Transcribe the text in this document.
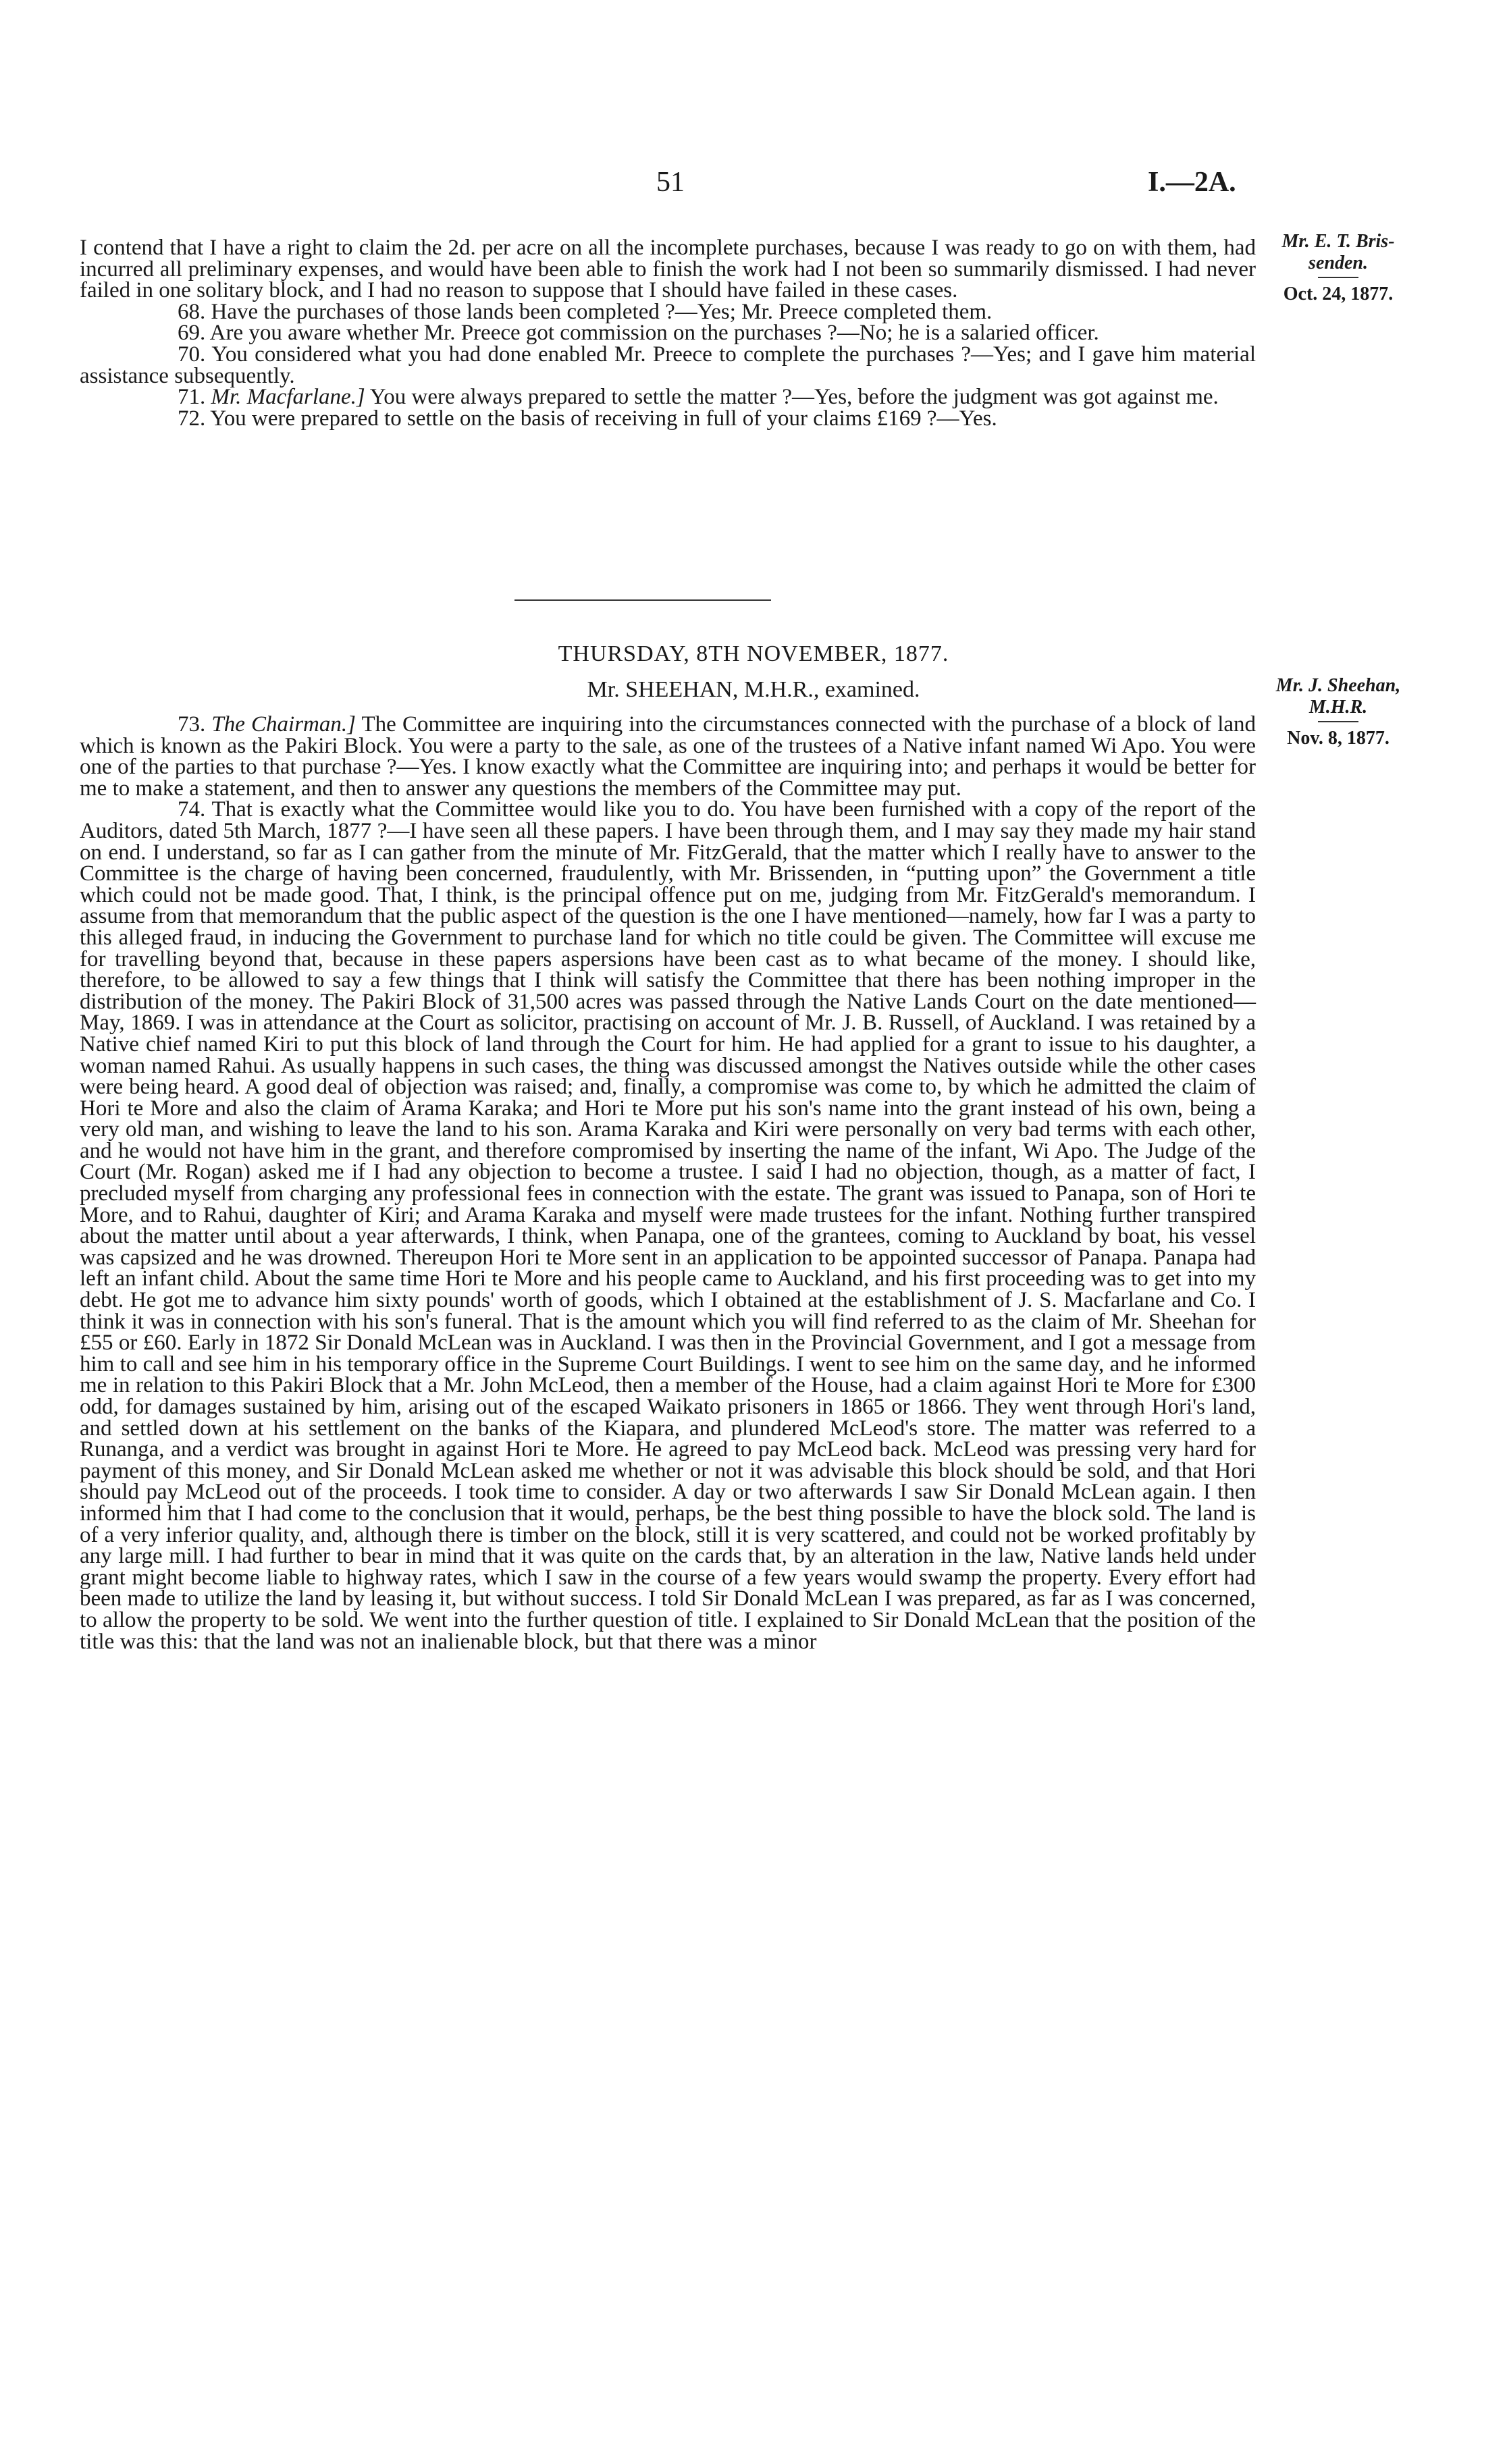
51	I.—2A.
Mr. E. T. Bris- senden.
Oct. 24, 1877.

I contend that I have a right to claim the 2d. per acre on all the incomplete purchases, because I was ready to go on with them, had incurred all preliminary expenses, and would have been able to finish the work had I not been so summarily dismissed. I had never failed in one solitary block, and I had no reason to suppose that I should have failed in these cases.

68. Have the purchases of those lands been completed ?—Yes; Mr. Preece completed them.

69. Are you aware whether Mr. Preece got commission on the purchases ?—No; he is a salaried officer.

70. You considered what you had done enabled Mr. Preece to complete the purchases ?—Yes; and I gave him material assistance subsequently.

71. Mr. Macfarlane.] You were always prepared to settle the matter ?—Yes, before the judgment was got against me.

72. You were prepared to settle on the basis of receiving in full of your claims £169 ?—Yes.

THURSDAY, 8TH NOVEMBER, 1877.
Mr. SHEEHAN, M.H.R., examined.	Mr. J. Sheehan, M.H.R.
Nov. 8, 1877.

73. The Chairman.] The Committee are inquiring into the circumstances connected with the purchase of a block of land which is known as the Pakiri Block. You were a party to the sale, as one of the trustees of a Native infant named Wi Apo. You were one of the parties to that purchase ?—Yes. I know exactly what the Committee are inquiring into; and perhaps it would be better for me to make a statement, and then to answer any questions the members of the Committee may put.

74. That is exactly what the Committee would like you to do. You have been furnished with a copy of the report of the Auditors, dated 5th March, 1877 ?—I have seen all these papers. I have been through them, and I may say they made my hair stand on end. I understand, so far as I can gather from the minute of Mr. FitzGerald, that the matter which I really have to answer to the Committee is the charge of having been concerned, fraudulently, with Mr. Brissenden, in “putting upon” the Government a title which could not be made good. That, I think, is the principal offence put on me, judging from Mr. FitzGerald's memorandum. I assume from that memorandum that the public aspect of the question is the one I have mentioned—namely, how far I was a party to this alleged fraud, in inducing the Government to purchase land for which no title could be given. The Committee will excuse me for travelling beyond that, because in these papers aspersions have been cast as to what became of the money. I should like, therefore, to be allowed to say a few things that I think will satisfy the Committee that there has been nothing improper in the distribution of the money. The Pakiri Block of 31,500 acres was passed through the Native Lands Court on the date mentioned—May, 1869. I was in attendance at the Court as solicitor, practising on account of Mr. J. B. Russell, of Auckland. I was retained by a Native chief named Kiri to put this block of land through the Court for him. He had applied for a grant to issue to his daughter, a woman named Rahui. As usually happens in such cases, the thing was discussed amongst the Natives outside while the other cases were being heard. A good deal of objection was raised; and, finally, a compromise was come to, by which he admitted the claim of Hori te More and also the claim of Arama Karaka; and Hori te More put his son's name into the grant instead of his own, being a very old man, and wishing to leave the land to his son. Arama Karaka and Kiri were personally on very bad terms with each other, and he would not have him in the grant, and therefore compromised by inserting the name of the infant, Wi Apo. The Judge of the Court (Mr. Rogan) asked me if I had any objection to become a trustee. I said I had no objection, though, as a matter of fact, I precluded myself from charging any professional fees in connection with the estate. The grant was issued to Panapa, son of Hori te More, and to Rahui, daughter of Kiri; and Arama Karaka and myself were made trustees for the infant. Nothing further transpired about the matter until about a year afterwards, I think, when Panapa, one of the grantees, coming to Auckland by boat, his vessel was capsized and he was drowned. Thereupon Hori te More sent in an application to be appointed successor of Panapa. Panapa had left an infant child. About the same time Hori te More and his people came to Auckland, and his first proceeding was to get into my debt. He got me to advance him sixty pounds' worth of goods, which I obtained at the establishment of J. S. Macfarlane and Co. I think it was in connection with his son's funeral. That is the amount which you will find referred to as the claim of Mr. Sheehan for £55 or £60. Early in 1872 Sir Donald McLean was in Auckland. I was then in the Provincial Government, and I got a message from him to call and see him in his temporary office in the Supreme Court Buildings. I went to see him on the same day, and he informed me in relation to this Pakiri Block that a Mr. John McLeod, then a member of the House, had a claim against Hori te More for £300 odd, for damages sustained by him, arising out of the escaped Waikato prisoners in 1865 or 1866. They went through Hori's land, and settled down at his settlement on the banks of the Kiapara, and plundered McLeod's store. The matter was referred to a Runanga, and a verdict was brought in against Hori te More. He agreed to pay McLeod back. McLeod was pressing very hard for payment of this money, and Sir Donald McLean asked me whether or not it was advisable this block should be sold, and that Hori should pay McLeod out of the proceeds. I took time to consider. A day or two afterwards I saw Sir Donald McLean again. I then informed him that I had come to the conclusion that it would, perhaps, be the best thing possible to have the block sold. The land is of a very inferior quality, and, although there is timber on the block, still it is very scattered, and could not be worked profitably by any large mill. I had further to bear in mind that it was quite on the cards that, by an alteration in the law, Native lands held under grant might become liable to highway rates, which I saw in the course of a few years would swamp the property. Every effort had been made to utilize the land by leasing it, but without success. I told Sir Donald McLean I was prepared, as far as I was concerned, to allow the property to be sold. We went into the further question of title. I explained to Sir Donald McLean that the position of the title was this: that the land was not an inalienable block, but that there was a minor
